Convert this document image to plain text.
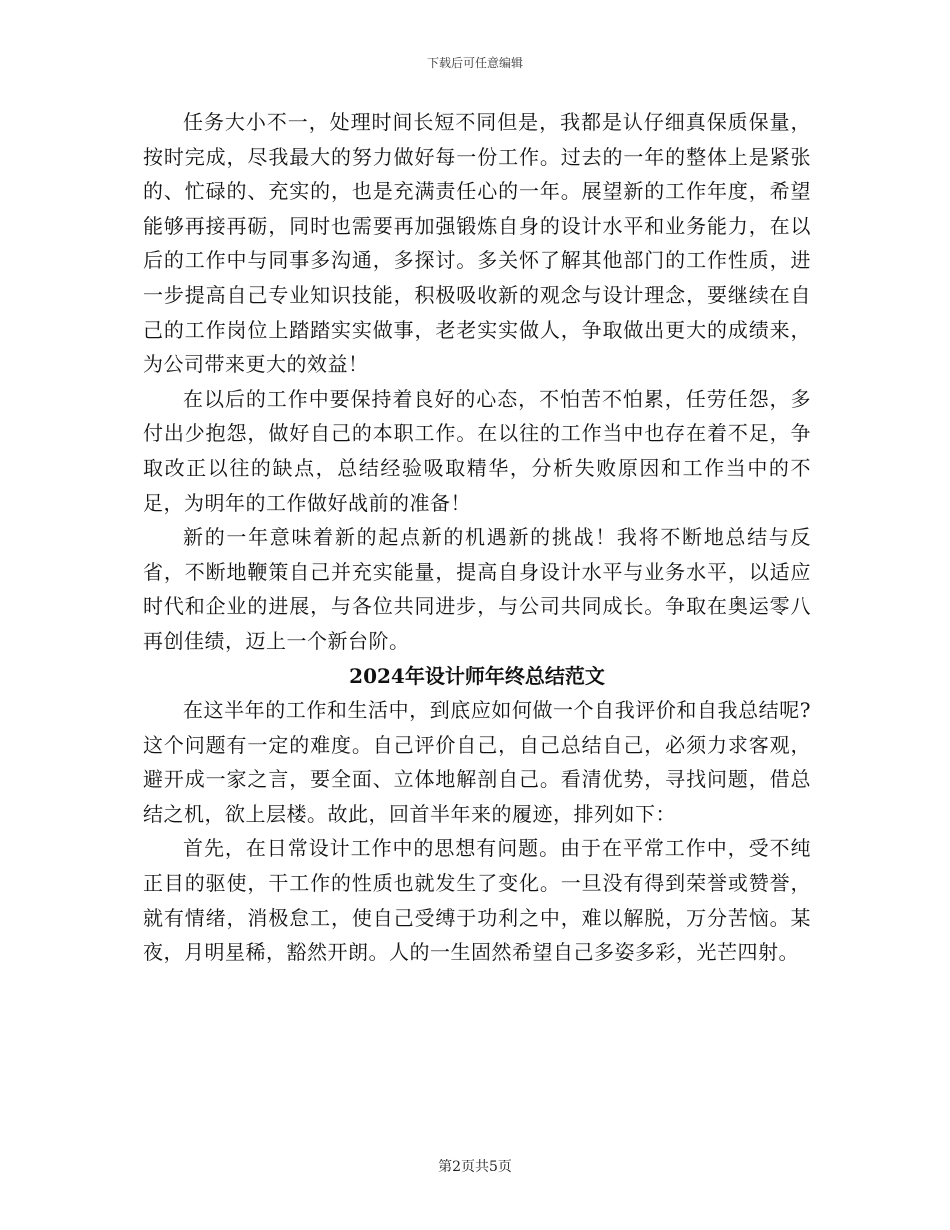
下载后可任意编辑

任务大小不一，处理时间长短不同但是，我都是认仔细真保质保量，按时完成，尽我最大的努力做好每一份工作。过去的一年的整体上是紧张的、忙碌的、充实的，也是充满责任心的一年。展望新的工作年度，希望能够再接再砺，同时也需要再加强锻炼自身的设计水平和业务能力，在以后的工作中与同事多沟通，多探讨。多关怀了解其他部门的工作性质，进一步提高自己专业知识技能，积极吸收新的观念与设计理念，要继续在自己的工作岗位上踏踏实实做事，老老实实做人，争取做出更大的成绩来，为公司带来更大的效益！

在以后的工作中要保持着良好的心态，不怕苦不怕累，任劳任怨，多付出少抱怨，做好自己的本职工作。在以往的工作当中也存在着不足，争取改正以往的缺点，总结经验吸取精华，分析失败原因和工作当中的不足，为明年的工作做好战前的准备！

新的一年意味着新的起点新的机遇新的挑战！我将不断地总结与反省，不断地鞭策自己并充实能量，提高自身设计水平与业务水平，以适应时代和企业的进展，与各位共同进步，与公司共同成长。争取在奥运零八再创佳绩，迈上一个新台阶。

2024年设计师年终总结范文

在这半年的工作和生活中，到底应如何做一个自我评价和自我总结呢?这个问题有一定的难度。自己评价自己，自己总结自己，必须力求客观，避开成一家之言，要全面、立体地解剖自己。看清优势，寻找问题，借总结之机，欲上层楼。故此，回首半年来的履迹，排列如下：

首先，在日常设计工作中的思想有问题。由于在平常工作中，受不纯正目的驱使，干工作的性质也就发生了变化。一旦没有得到荣誉或赞誉，就有情绪，消极怠工，使自己受缚于功利之中，难以解脱，万分苦恼。某夜，月明星稀，豁然开朗。人的一生固然希望自己多姿多彩，光芒四射。

第2页共5页
